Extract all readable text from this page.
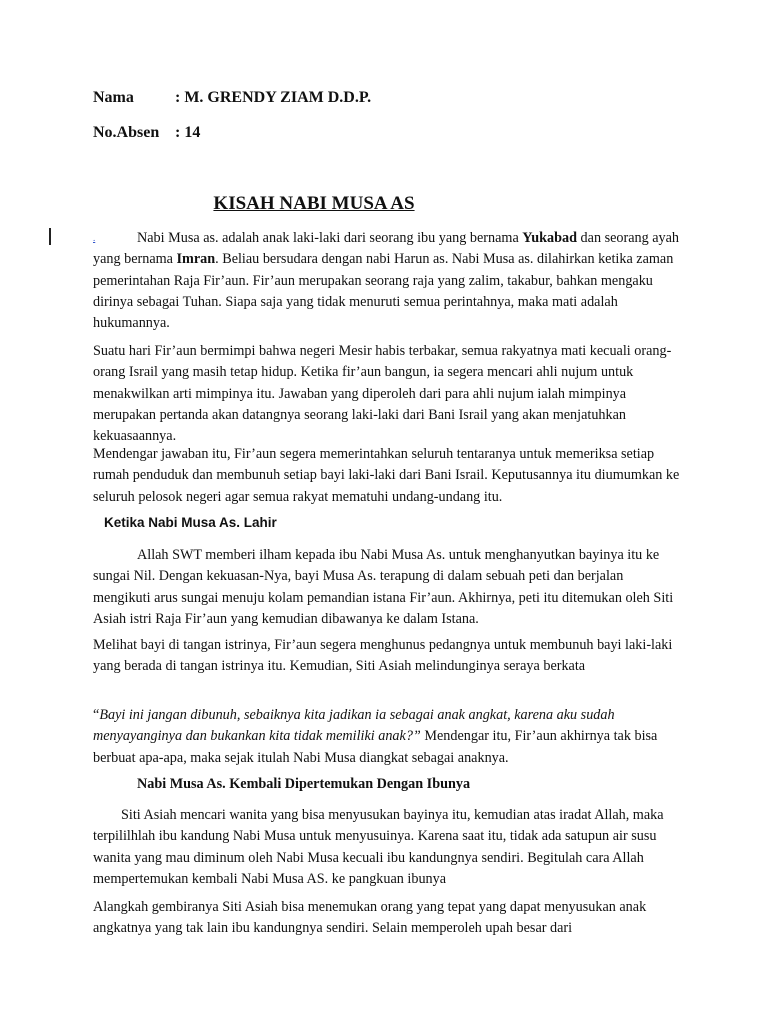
Nama	: M. GRENDY ZIAM D.D.P.
No.Absen : 14
KISAH NABI MUSA AS
.	Nabi Musa as. adalah anak laki-laki dari seorang ibu yang bernama Yukabad dan seorang ayah yang bernama Imran. Beliau bersudara dengan nabi Harun as. Nabi Musa as. dilahirkan ketika zaman pemerintahan Raja Fir’aun. Fir’aun merupakan seorang raja yang zalim, takabur, bahkan mengaku dirinya sebagai Tuhan. Siapa saja yang tidak menuruti semua perintahnya, maka mati adalah hukumannya.

Suatu hari Fir’aun bermimpi bahwa negeri Mesir habis terbakar, semua rakyatnya mati kecuali orang-orang Israil yang masih tetap hidup. Ketika fir’aun bangun, ia segera mencari ahli nujum untuk menakwilkan arti mimpinya itu. Jawaban yang diperoleh dari para ahli nujum ialah mimpinya merupakan pertanda akan datangnya seorang laki-laki dari Bani Israil yang akan menjatuhkan kekuasaannya.

Mendengar jawaban itu, Fir’aun segera memerintahkan seluruh tentaranya untuk memeriksa setiap rumah penduduk dan membunuh setiap bayi laki-laki dari Bani Israil. Keputusannya itu diumumkan ke seluruh pelosok negeri agar semua rakyat mematuhi undang-undang itu.

Ketika Nabi Musa As. Lahir

Allah SWT memberi ilham kepada ibu Nabi Musa As. untuk menghanyutkan bayinya itu ke sungai Nil. Dengan kekuasan-Nya, bayi Musa As. terapung di dalam sebuah peti dan berjalan mengikuti arus sungai menuju kolam pemandian istana Fir’aun. Akhirnya, peti itu ditemukan oleh Siti Asiah istri Raja Fir’aun yang kemudian dibawanya ke dalam Istana.

Melihat bayi di tangan istrinya, Fir’aun segera menghunus pedangnya untuk membunuh bayi laki-laki yang berada di tangan istrinya itu. Kemudian, Siti Asiah melindunginya seraya berkata

“Bayi ini jangan dibunuh, sebaiknya kita jadikan ia sebagai anak angkat, karena aku sudah menyayanginya dan bukankan kita tidak memiliki anak?” Mendengar itu, Fir’aun akhirnya tak bisa berbuat apa-apa, maka sejak itulah Nabi Musa diangkat sebagai anaknya.

Nabi Musa As. Kembali Dipertemukan Dengan Ibunya

Siti Asiah mencari wanita yang bisa menyusukan bayinya itu, kemudian atas iradat Allah, maka terpililhlah ibu kandung Nabi Musa untuk menyusuinya. Karena saat itu, tidak ada satupun air susu wanita yang mau diminum oleh Nabi Musa kecuali ibu kandungnya sendiri. Begitulah cara Allah mempertemukan kembali Nabi Musa AS. ke pangkuan ibunya

Alangkah gembiranya Siti Asiah bisa menemukan orang yang tepat yang dapat menyusukan anak angkatnya yang tak lain ibu kandungnya sendiri. Selain memperoleh upah besar dari
